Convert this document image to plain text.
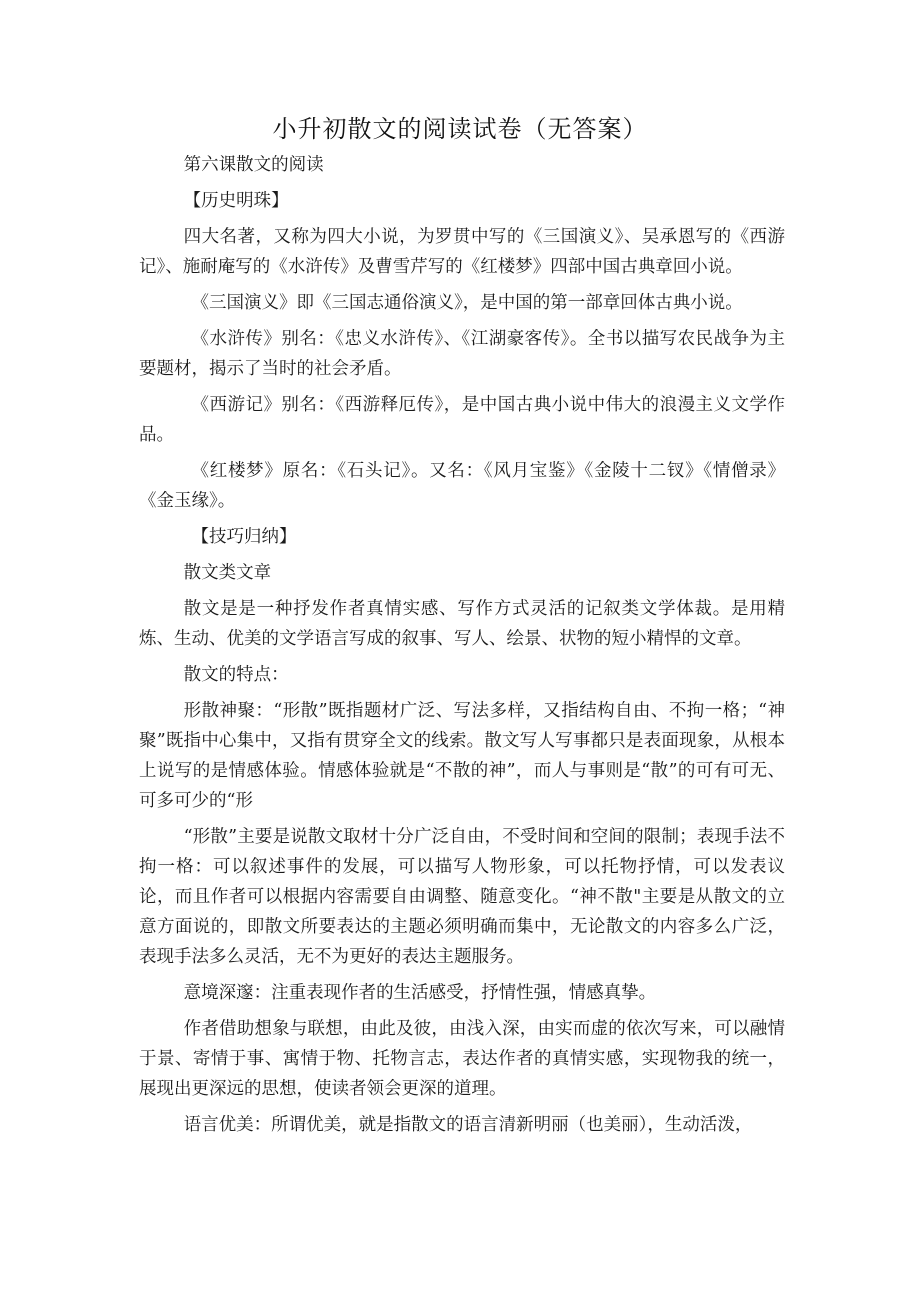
小升初散文的阅读试卷（无答案）

第六课散文的阅读

【历史明珠】

四大名著，又称为四大小说，为罗贯中写的《三国演义》、吴承恩写的《西游记》、施耐庵写的《水浒传》及曹雪芹写的《红楼梦》四部中国古典章回小说。

《三国演义》即《三国志通俗演义》，是中国的第一部章回体古典小说。

《水浒传》别名：《忠义水浒传》、《江湖豪客传》。全书以描写农民战争为主要题材，揭示了当时的社会矛盾。

《西游记》别名：《西游释厄传》，是中国古典小说中伟大的浪漫主义文学作品。

《红楼梦》原名：《石头记》。又名：《风月宝鉴》《金陵十二钗》《情僧录》《金玉缘》。

【技巧归纳】

散文类文章

散文是是一种抒发作者真情实感、写作方式灵活的记叙类文学体裁。是用精炼、生动、优美的文学语言写成的叙事、写人、绘景、状物的短小精悍的文章。

散文的特点：

形散神聚：“形散”既指题材广泛、写法多样，又指结构自由、不拘一格；“神聚”既指中心集中，又指有贯穿全文的线索。散文写人写事都只是表面现象，从根本上说写的是情感体验。情感体验就是“不散的神”，而人与事则是“散”的可有可无、可多可少的“形

“形散”主要是说散文取材十分广泛自由，不受时间和空间的限制；表现手法不拘一格：可以叙述事件的发展，可以描写人物形象，可以托物抒情，可以发表议论，而且作者可以根据内容需要自由调整、随意变化。“神不散"主要是从散文的立意方面说的，即散文所要表达的主题必须明确而集中，无论散文的内容多么广泛，表现手法多么灵活，无不为更好的表达主题服务。

意境深邃：注重表现作者的生活感受，抒情性强，情感真挚。

作者借助想象与联想，由此及彼，由浅入深，由实而虚的依次写来，可以融情于景、寄情于事、寓情于物、托物言志，表达作者的真情实感，实现物我的统一，展现出更深远的思想，使读者领会更深的道理。

语言优美：所谓优美，就是指散文的语言清新明丽（也美丽），生动活泼，
